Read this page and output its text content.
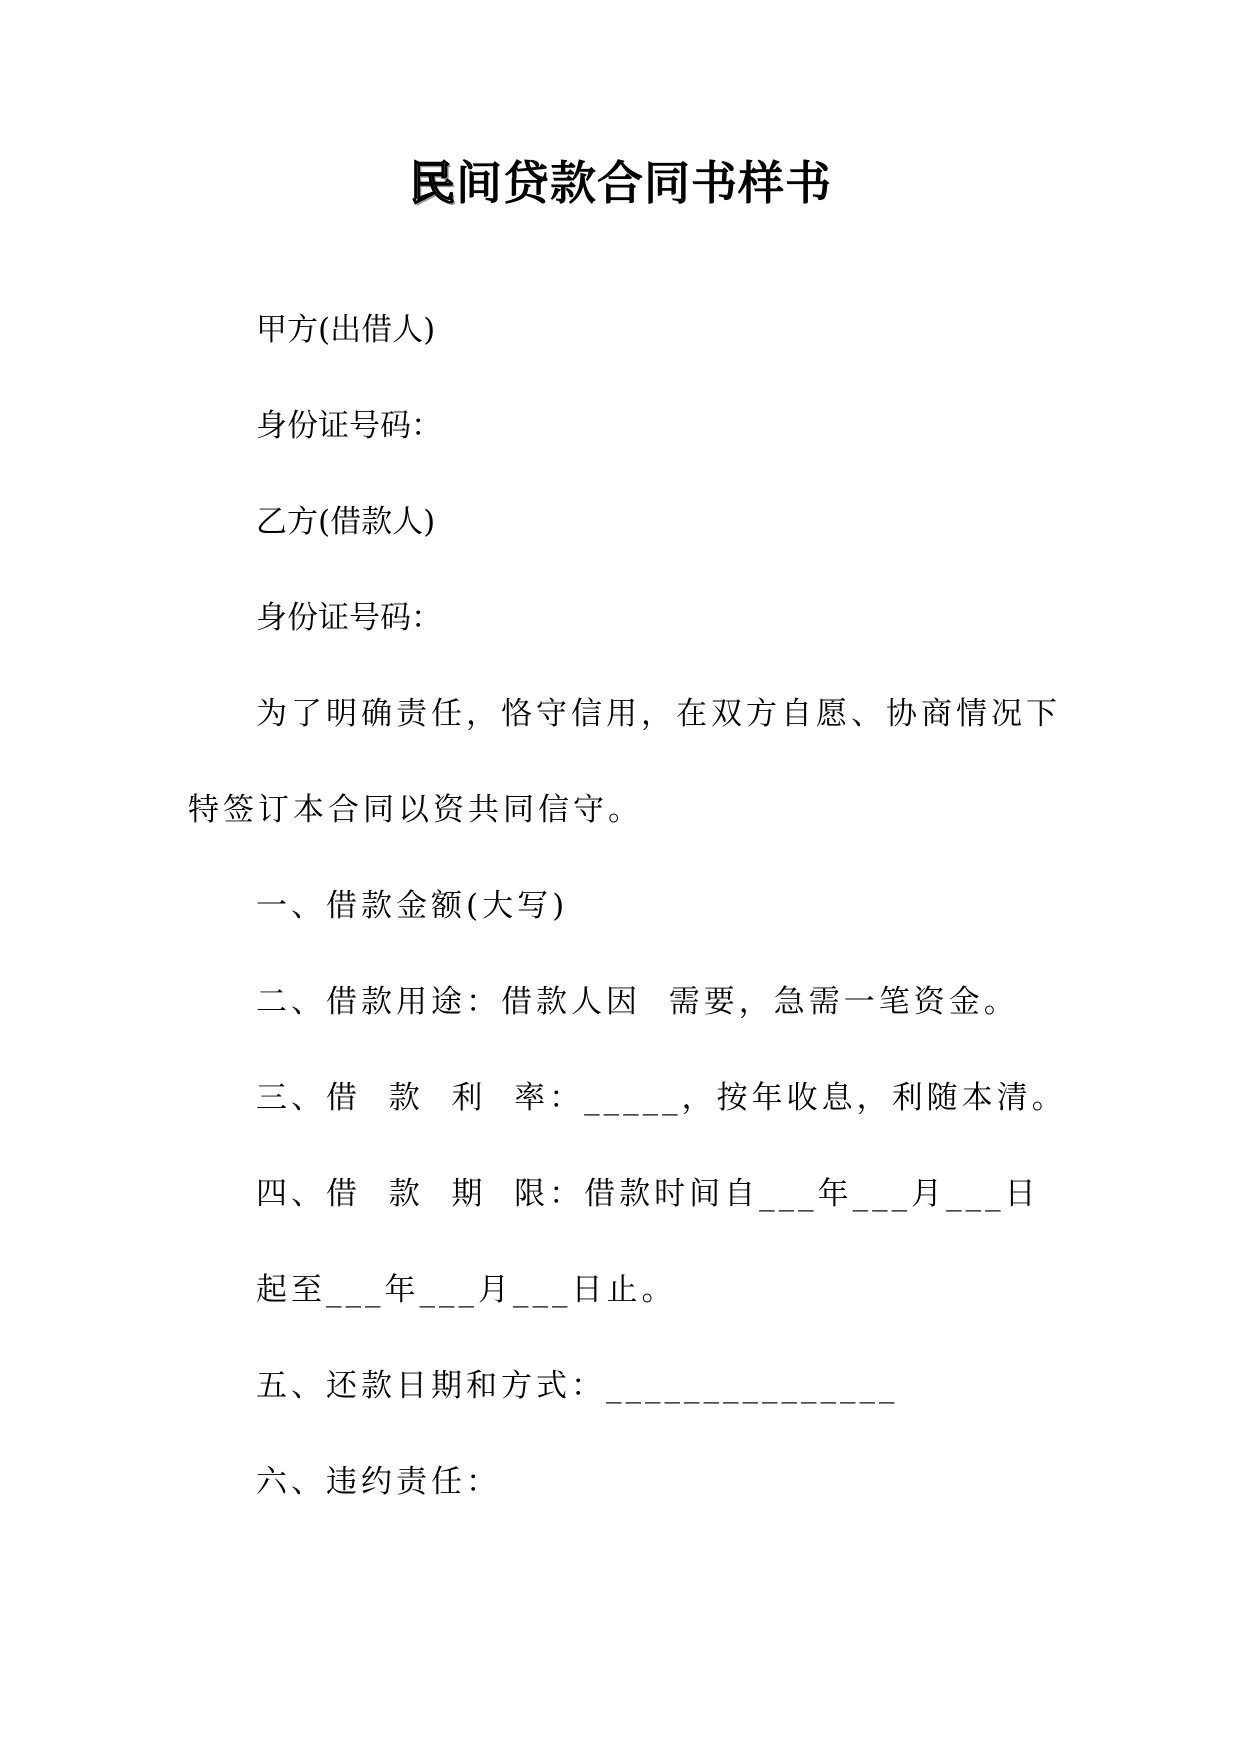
民间贷款合同书样书
甲方(出借人)
身份证号码：
乙方(借款人)
身份证号码：
为了明确责任，恪守信用，在双方自愿、协商情况下
特签订本合同以资共同信守。
一、借款金额(大写)
二、借款用途：借款人因  需要，急需一笔资金。
三、借  款  利  率：_____，按年收息，利随本清。
四、借  款  期  限：借款时间自___年___月___日
起至___年___月___日止。
五、还款日期和方式：_______________
六、违约责任：
